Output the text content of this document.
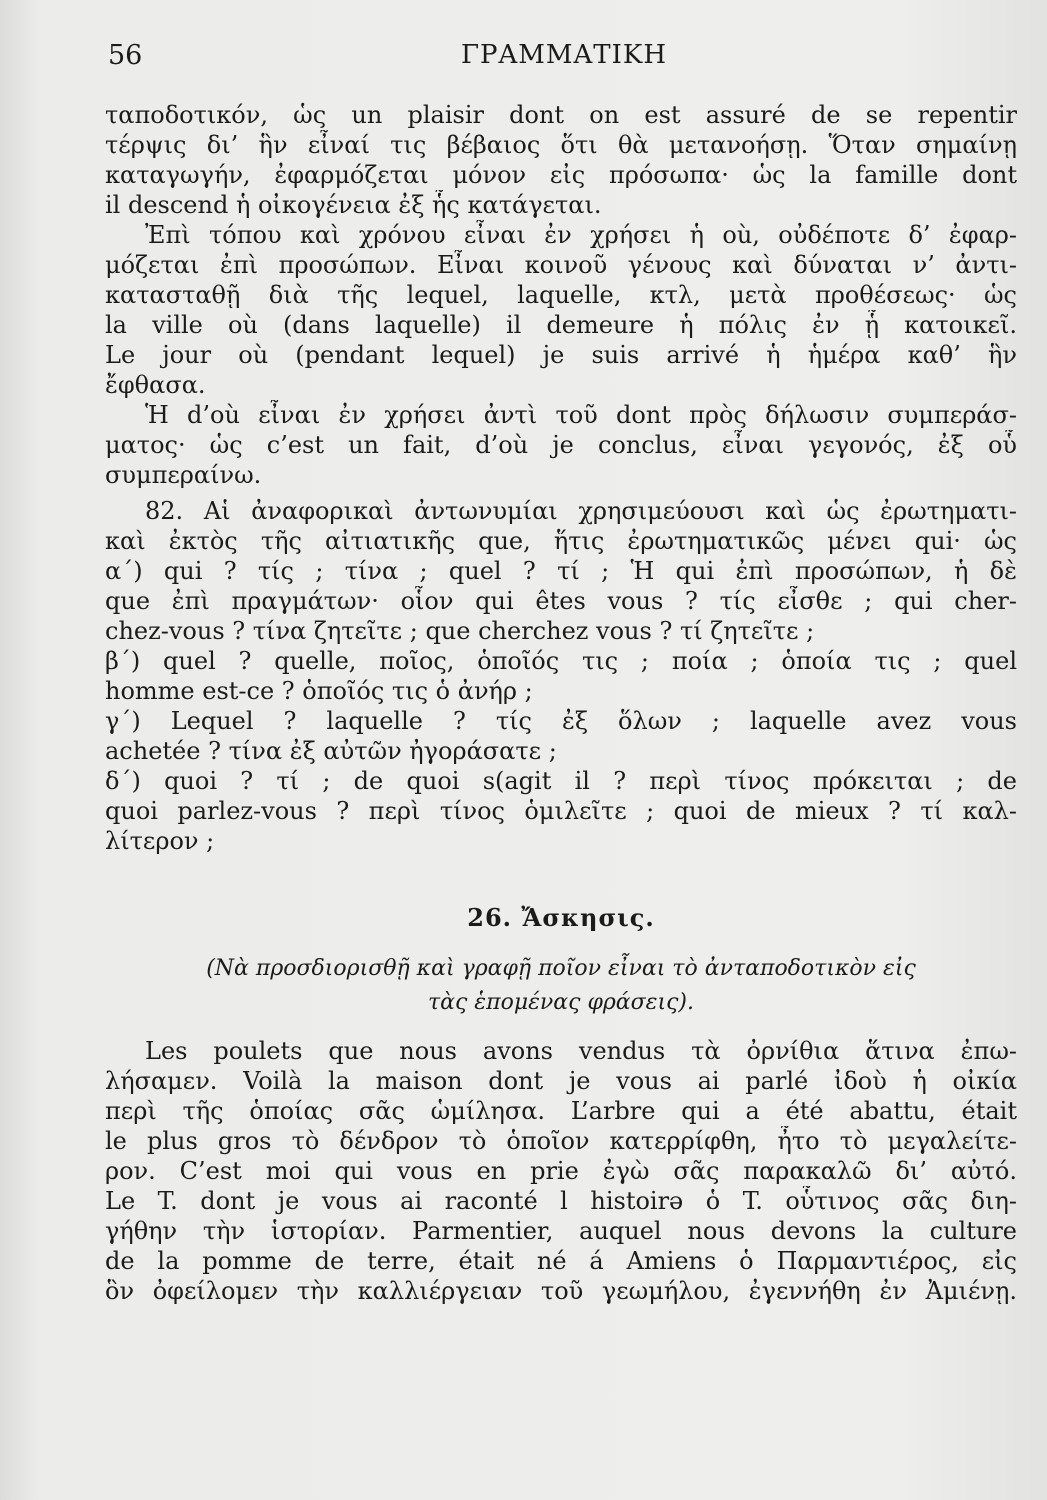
56	ΓΡΑΜΜΑΤΙΚΗ
ταποδοτικόν, ὡς un plaisir dont on est assuré de se repentir
τέρψις δι’ ἣν εἶναί τις βέβαιος ὅτι θὰ μετανοήσῃ. Ὅταν σημαίνῃ
καταγωγήν, ἐφαρμόζεται μόνον εἰς πρόσωπα· ὡς la famille dont
il descend ἡ οἰκογένεια ἐξ ἧς κατάγεται.
Ἐπὶ τόπου καὶ χρόνου εἶναι ἐν χρήσει ἡ où, οὐδέποτε δ’ ἐφαρ-
μόζεται ἐπὶ προσώπων. Εἶναι κοινοῦ γένους καὶ δύναται ν’ ἀντι-
κατασταθῇ διὰ τῆς lequel, laquelle, κτλ, μετὰ προθέσεως· ὡς
la ville où (dans laquelle) il demeure ἡ πόλις ἐν ᾗ κατοικεῖ.
Le jour où (pendant lequel) je suis arrivé ἡ ἡμέρα καθ’ ἣν
ἔφθασα.
Ἡ d’où εἶναι ἐν χρήσει ἀντὶ τοῦ dont πρὸς δήλωσιν συμπεράσ-
ματος· ὡς c’est un fait, d’où je conclus, εἶναι γεγονός, ἐξ οὗ
συμπεραίνω.
82. Αἱ ἀναφορικαὶ ἀντωνυμίαι χρησιμεύουσι καὶ ὡς ἐρωτηματι-
καὶ ἐκτὸς τῆς αἰτιατικῆς que, ἥτις ἐρωτηματικῶς μένει qui· ὡς
α΄) qui ? τίς ; τίνα ; quel ? τί ; Ἡ qui ἐπὶ προσώπων, ἡ δὲ
que ἐπὶ πραγμάτων· οἷον qui êtes vous ? τίς εἶσθε ; qui cher-
chez-vous ? τίνα ζητεῖτε ; que cherchez vous ? τί ζητεῖτε ;
β΄) quel ? quelle, ποῖος, ὁποῖός τις ; ποία ; ὁποία τις ; quel
homme est-ce ? ὁποῖός τις ὁ ἀνήρ ;
γ΄) Lequel ? laquelle ? τίς ἐξ ὅλων ; laquelle avez vous
achetée ? τίνα ἐξ αὐτῶν ἠγοράσατε ;
δ΄) quoi ? τί ; de quoi s(agit il ? περὶ τίνος πρόκειται ; de
quoi parlez-vous ? περὶ τίνος ὁμιλεῖτε ; quoi de mieux ? τί καλ-
λίτερον ;
26. Ἄσκησις.
(Νὰ προσδιορισθῇ καὶ γραφῇ ποῖον εἶναι τὸ ἀνταποδοτικὸν εἰς
τὰς ἑπομένας φράσεις).
Les poulets que nous avons vendus τὰ ὀρνίθια ἅτινα ἐπω-
λήσαμεν. Voilà la maison dont je vous ai parlé ἰδοὺ ἡ οἰκία
περὶ τῆς ὁποίας σᾶς ὡμίλησα. L’arbre qui a été abattu, était
le plus gros τὸ δένδρον τὸ ὁποῖον κατερρίφθη, ἦτο τὸ μεγαλείτε-
ρον. C’est moi qui vous en prie ἐγὼ σᾶς παρακαλῶ δι’ αὐτό.
Le T. dont je vous ai raconté l histoirə ὁ T. οὗτινος σᾶς διη-
γήθην τὴν ἱστορίαν. Parmentier, auquel nous devons la culture
de la pomme de terre, était né á Amiens ὁ Παρμαντιέρος, εἰς
ὃν ὀφείλομεν τὴν καλλιέργειαν τοῦ γεωμήλου, ἐγεννήθη ἐν Ἀμιένῃ.
